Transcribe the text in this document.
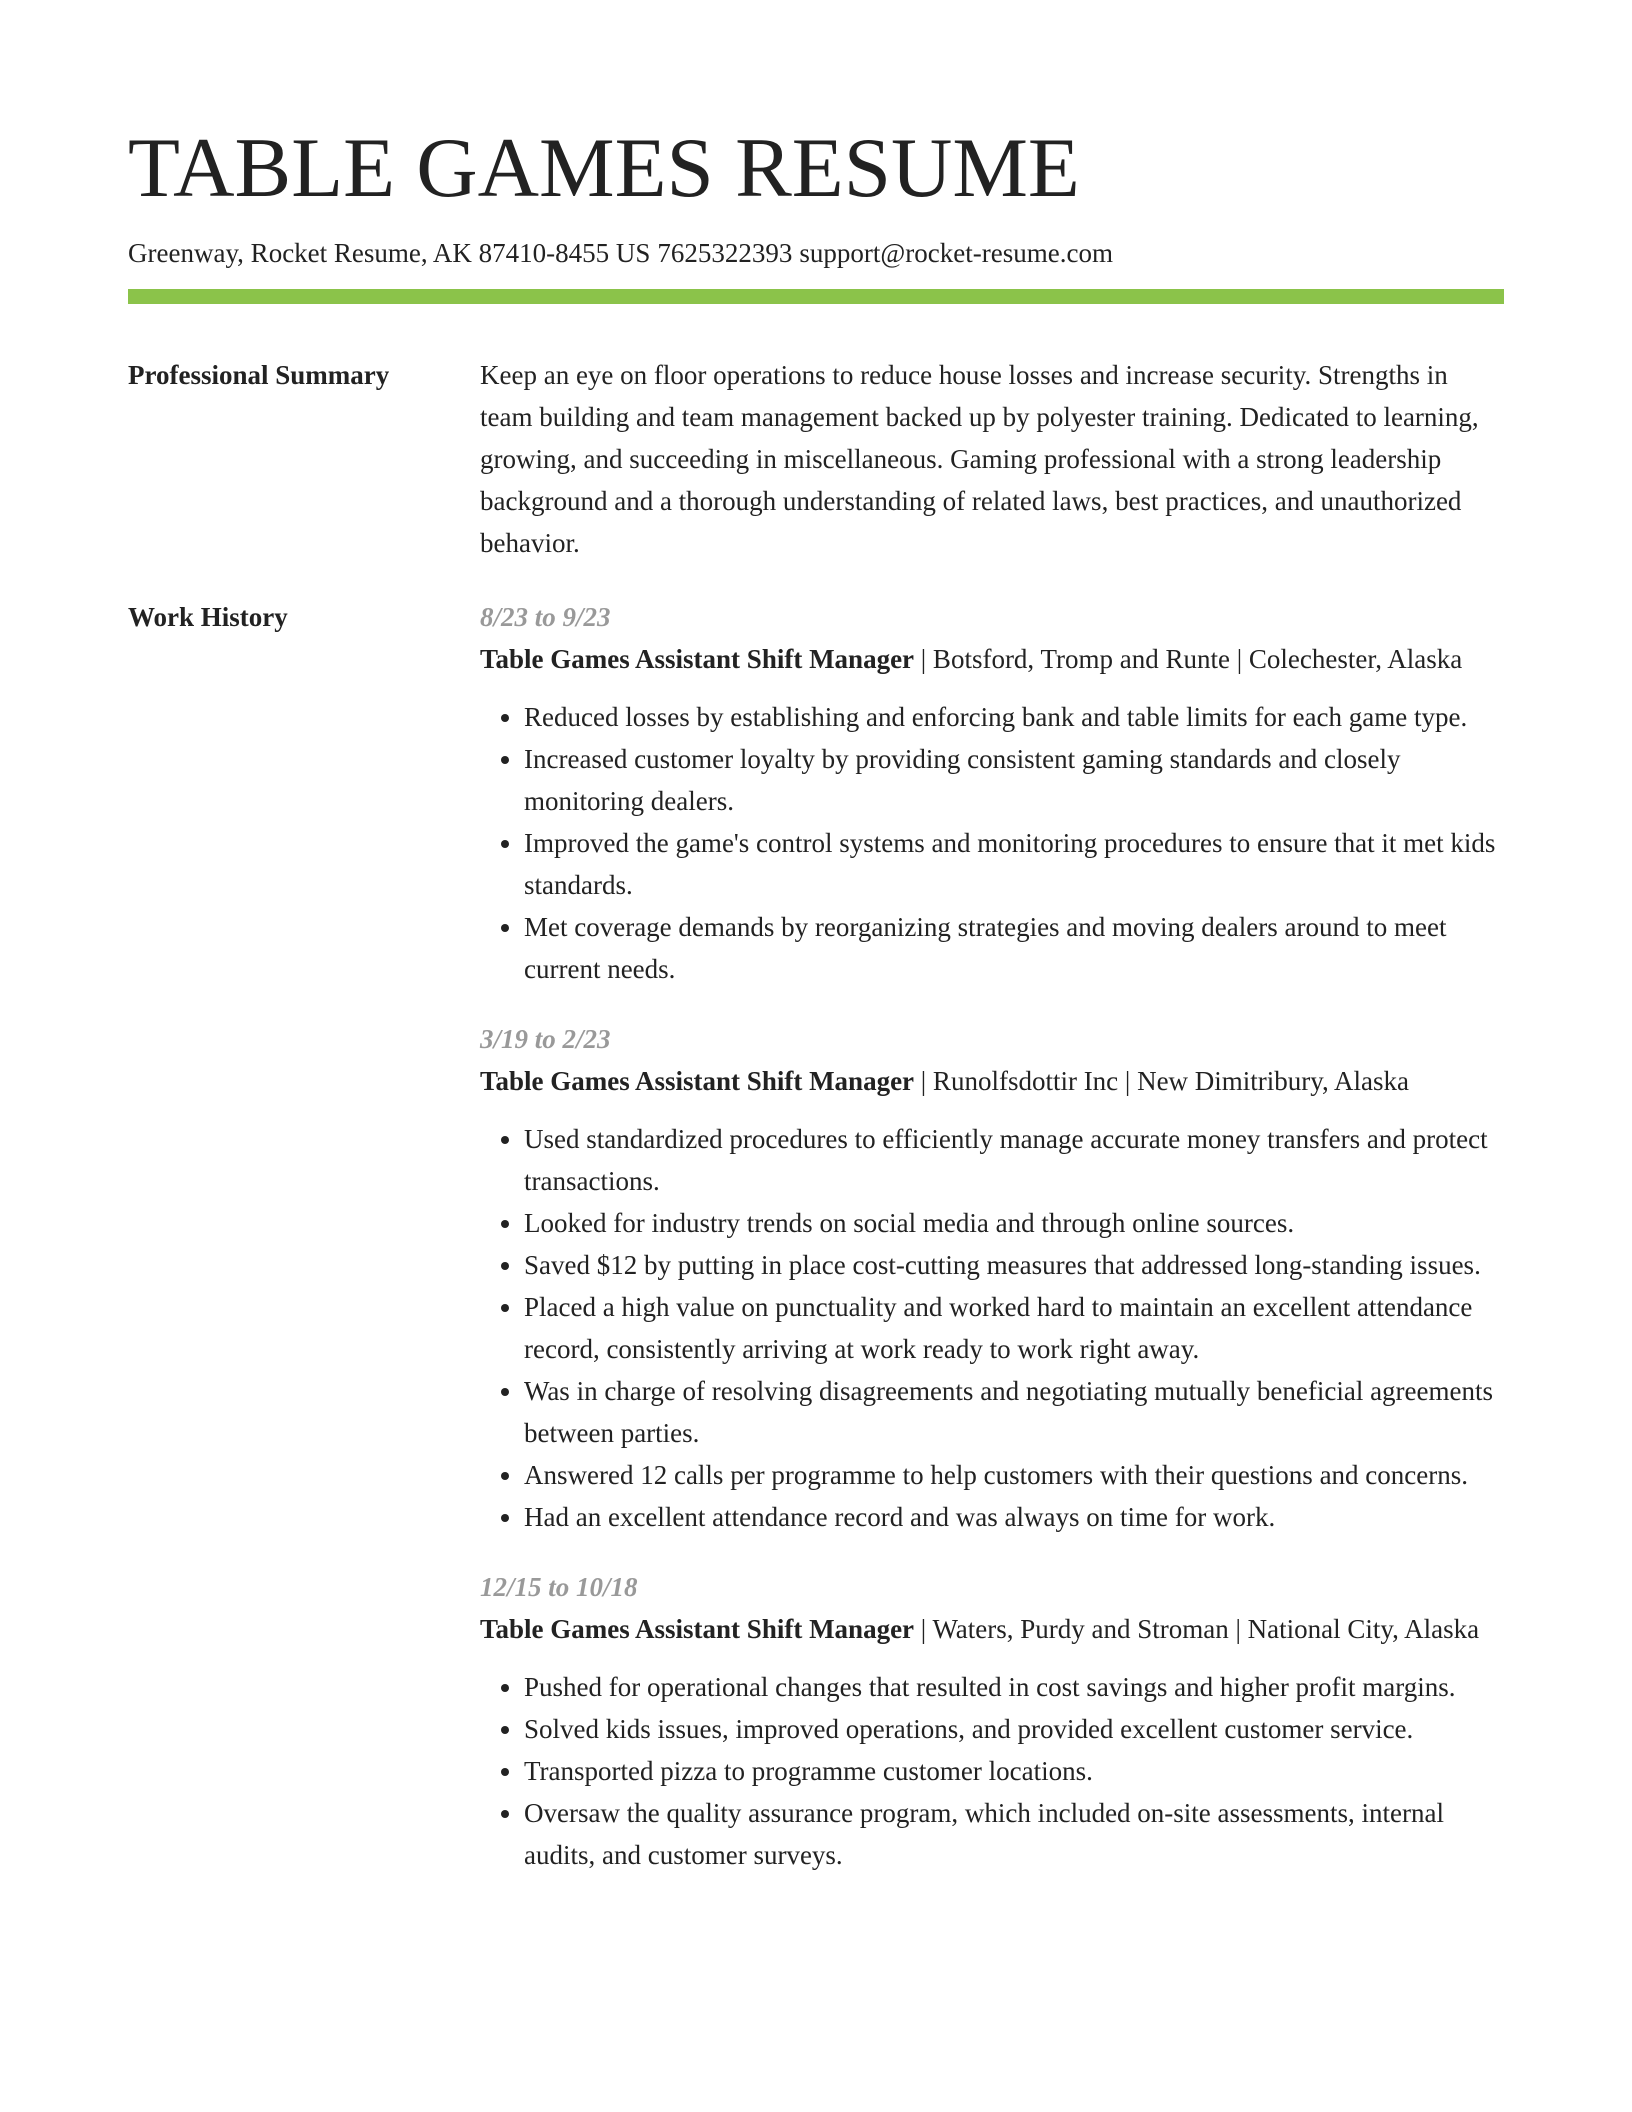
TABLE GAMES RESUME
Greenway, Rocket Resume, AK 87410-8455 US 7625322393 support@rocket-resume.com
Professional Summary	Keep an eye on floor operations to reduce house losses and increase security. Strengths in team building and team management backed up by polyester training. Dedicated to learning, growing, and succeeding in miscellaneous. Gaming professional with a strong leadership background and a thorough understanding of related laws, best practices, and unauthorized behavior.
Work History	8/23 to 9/23
Table Games Assistant Shift Manager | Botsford, Tromp and Runte | Colechester, Alaska
• Reduced losses by establishing and enforcing bank and table limits for each game type.
• Increased customer loyalty by providing consistent gaming standards and closely monitoring dealers.
• Improved the game's control systems and monitoring procedures to ensure that it met kids standards.
• Met coverage demands by reorganizing strategies and moving dealers around to meet current needs.
3/19 to 2/23
Table Games Assistant Shift Manager | Runolfsdottir Inc | New Dimitribury, Alaska
• Used standardized procedures to efficiently manage accurate money transfers and protect transactions.
• Looked for industry trends on social media and through online sources.
• Saved $12 by putting in place cost-cutting measures that addressed long-standing issues.
• Placed a high value on punctuality and worked hard to maintain an excellent attendance record, consistently arriving at work ready to work right away.
• Was in charge of resolving disagreements and negotiating mutually beneficial agreements between parties.
• Answered 12 calls per programme to help customers with their questions and concerns.
• Had an excellent attendance record and was always on time for work.
12/15 to 10/18
Table Games Assistant Shift Manager | Waters, Purdy and Stroman | National City, Alaska
• Pushed for operational changes that resulted in cost savings and higher profit margins.
• Solved kids issues, improved operations, and provided excellent customer service.
• Transported pizza to programme customer locations.
• Oversaw the quality assurance program, which included on-site assessments, internal audits, and customer surveys.
